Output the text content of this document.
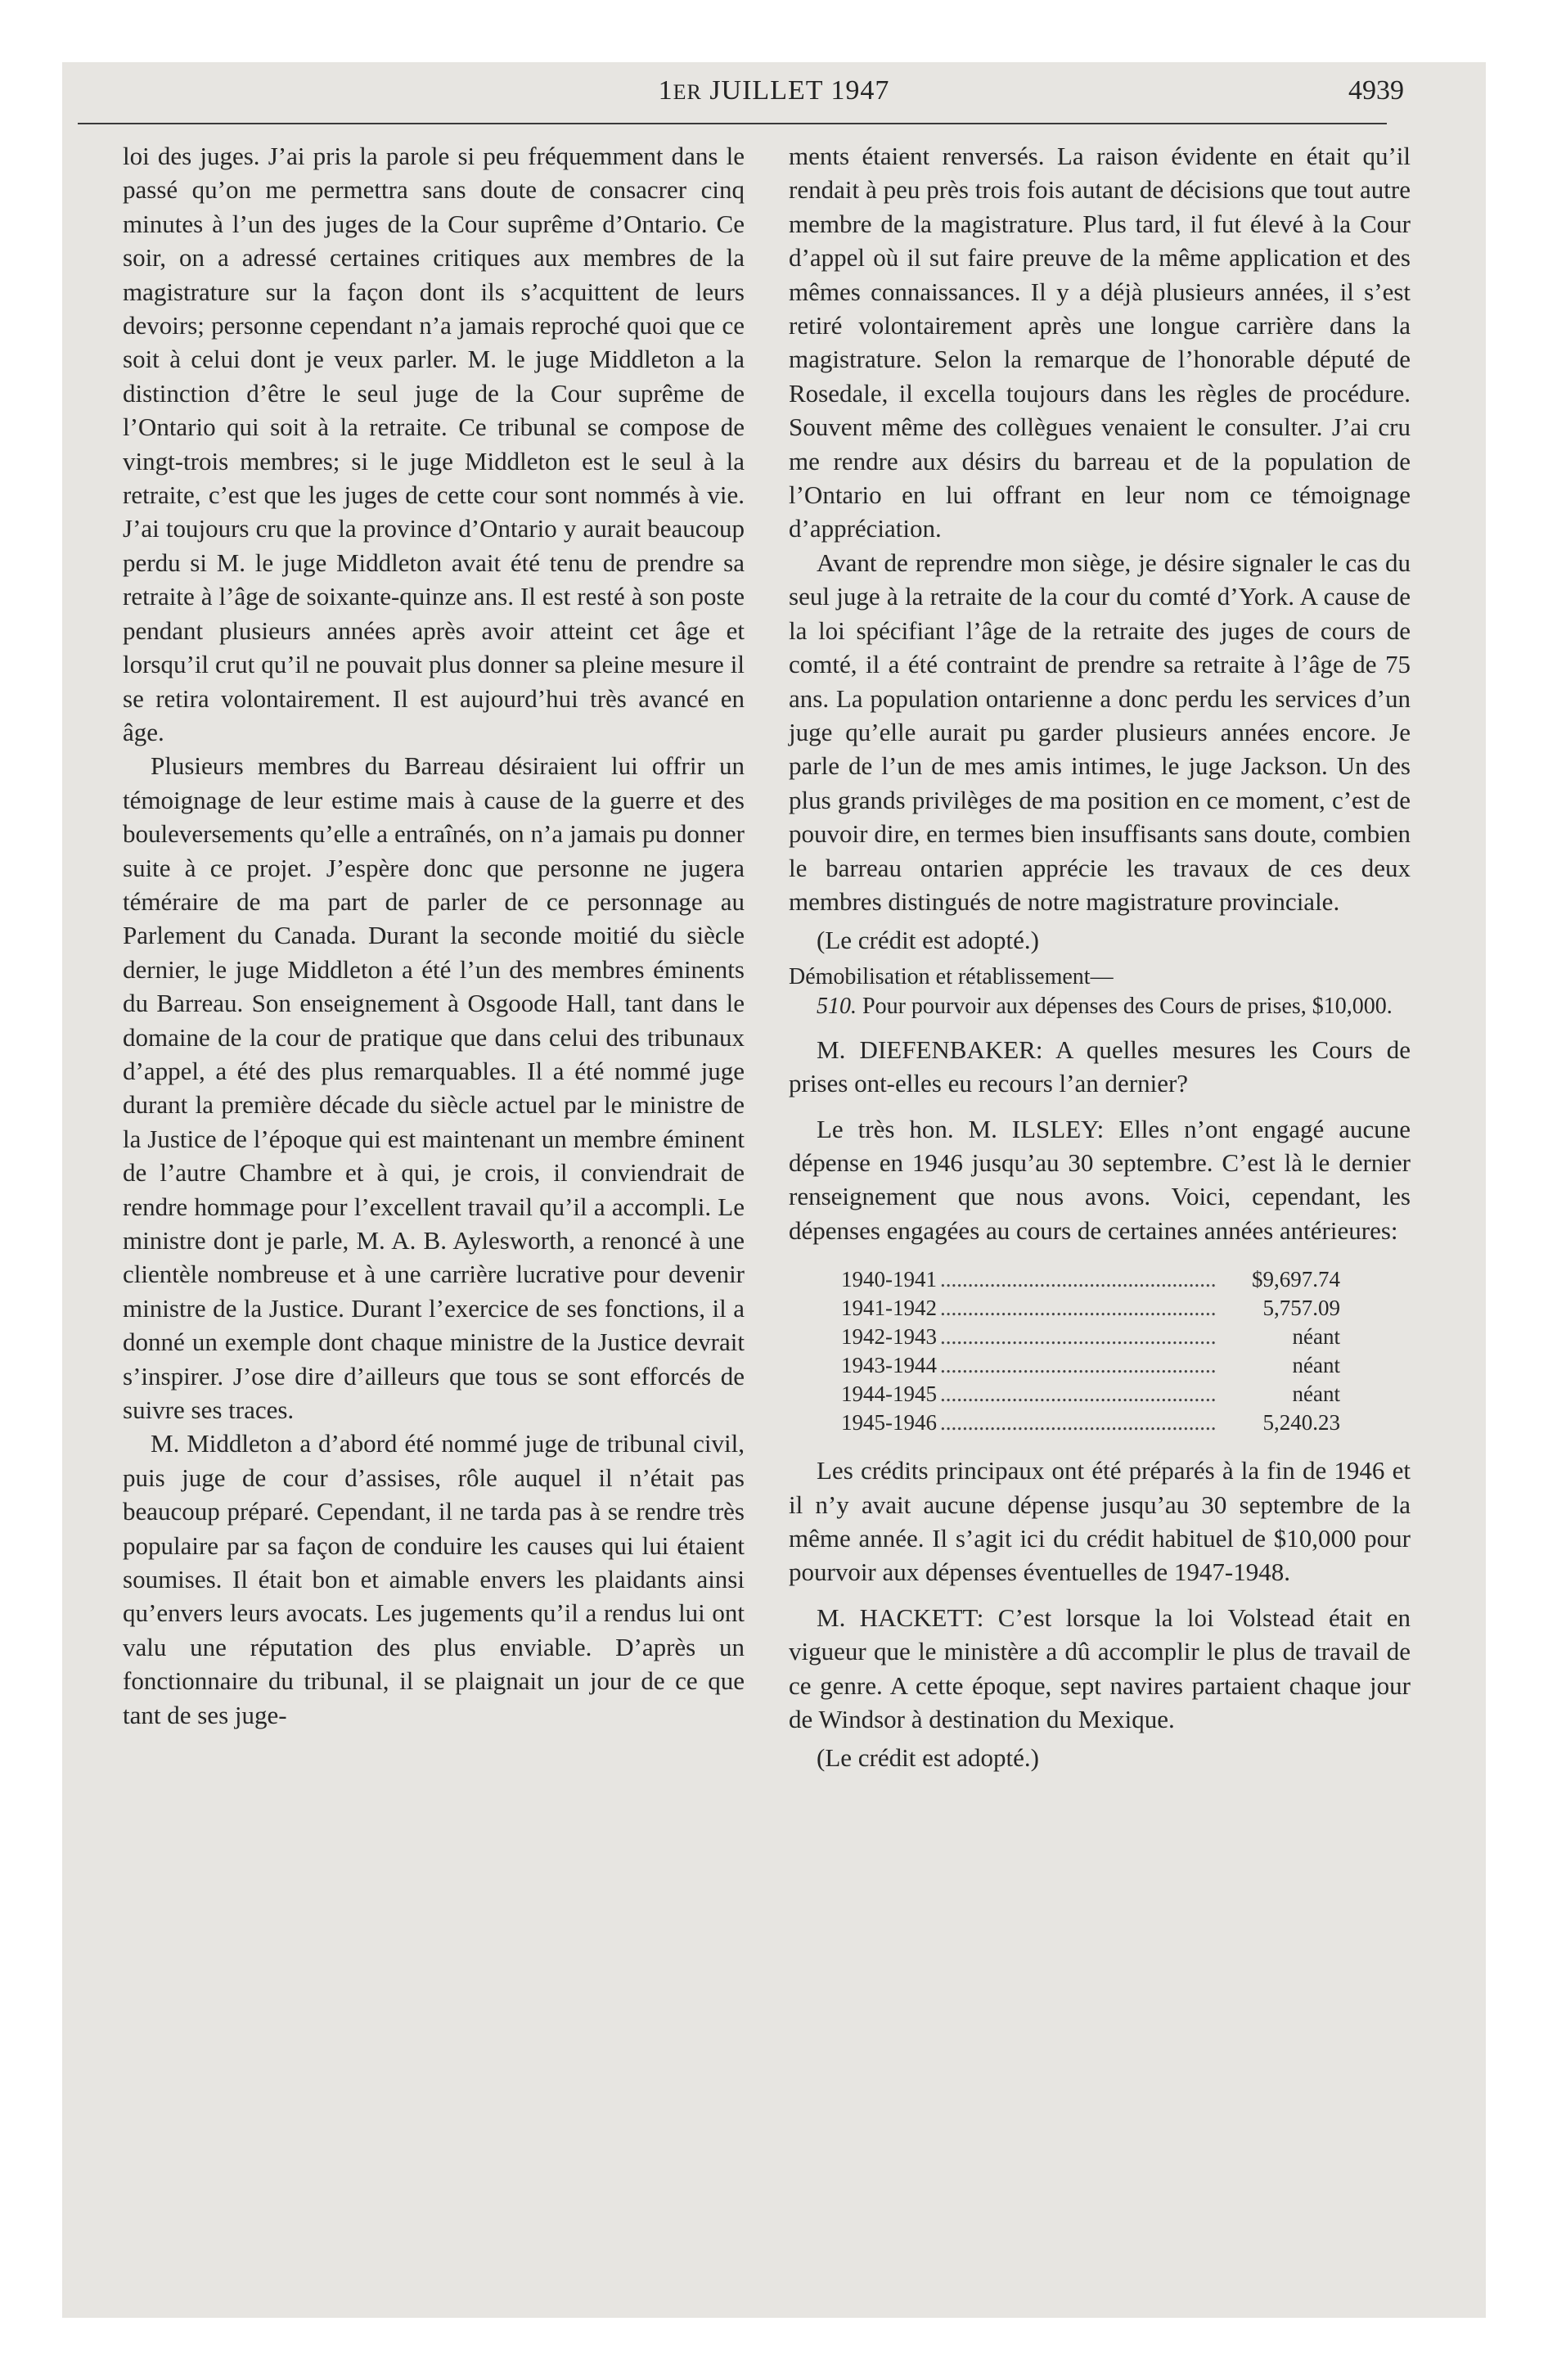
1ER JUILLET 1947	4939

loi des juges. J’ai pris la parole si peu fréquemment dans le passé qu’on me permettra sans doute de consacrer cinq minutes à l’un des juges de la Cour suprême d’Ontario. Ce soir, on a adressé certaines critiques aux membres de la magistrature sur la façon dont ils s’acquittent de leurs devoirs; personne cependant n’a jamais reproché quoi que ce soit à celui dont je veux parler. M. le juge Middleton a la distinction d’être le seul juge de la Cour suprême de l’Ontario qui soit à la retraite. Ce tribunal se compose de vingt-trois membres; si le juge Middleton est le seul à la retraite, c’est que les juges de cette cour sont nommés à vie. J’ai toujours cru que la province d’Ontario y aurait beaucoup perdu si M. le juge Middleton avait été tenu de prendre sa retraite à l’âge de soixante-quinze ans. Il est resté à son poste pendant plusieurs années après avoir atteint cet âge et lorsqu’il crut qu’il ne pouvait plus donner sa pleine mesure il se retira volontairement. Il est aujourd’hui très avancé en âge.

Plusieurs membres du Barreau désiraient lui offrir un témoignage de leur estime mais à cause de la guerre et des bouleversements qu’elle a entraînés, on n’a jamais pu donner suite à ce projet. J’espère donc que personne ne jugera téméraire de ma part de parler de ce personnage au Parlement du Canada. Durant la seconde moitié du siècle dernier, le juge Middleton a été l’un des membres éminents du Barreau. Son enseignement à Osgoode Hall, tant dans le domaine de la cour de pratique que dans celui des tribunaux d’appel, a été des plus remarquables. Il a été nommé juge durant la première décade du siècle actuel par le ministre de la Justice de l’époque qui est maintenant un membre éminent de l’autre Chambre et à qui, je crois, il conviendrait de rendre hommage pour l’excellent travail qu’il a accompli. Le ministre dont je parle, M. A. B. Aylesworth, a renoncé à une clientèle nombreuse et à une carrière lucrative pour devenir ministre de la Justice. Durant l’exercice de ses fonctions, il a donné un exemple dont chaque ministre de la Justice devrait s’inspirer. J’ose dire d’ailleurs que tous se sont efforcés de suivre ses traces.

M. Middleton a d’abord été nommé juge de tribunal civil, puis juge de cour d’assises, rôle auquel il n’était pas beaucoup préparé. Cependant, il ne tarda pas à se rendre très populaire par sa façon de conduire les causes qui lui étaient soumises. Il était bon et aimable envers les plaidants ainsi qu’envers leurs avocats. Les jugements qu’il a rendus lui ont valu une réputation des plus enviable. D’après un fonctionnaire du tribunal, il se plaignait un jour de ce que tant de ses juge-

ments étaient renversés. La raison évidente en était qu’il rendait à peu près trois fois autant de décisions que tout autre membre de la magistrature. Plus tard, il fut élevé à la Cour d’appel où il sut faire preuve de la même application et des mêmes connaissances. Il y a déjà plusieurs années, il s’est retiré volontairement après une longue carrière dans la magistrature. Selon la remarque de l’honorable député de Rosedale, il excella toujours dans les règles de procédure. Souvent même des collègues venaient le consulter. J’ai cru me rendre aux désirs du barreau et de la population de l’Ontario en lui offrant en leur nom ce témoignage d’appréciation.

Avant de reprendre mon siège, je désire signaler le cas du seul juge à la retraite de la cour du comté d’York. A cause de la loi spécifiant l’âge de la retraite des juges de cours de comté, il a été contraint de prendre sa retraite à l’âge de 75 ans. La population ontarienne a donc perdu les services d’un juge qu’elle aurait pu garder plusieurs années encore. Je parle de l’un de mes amis intimes, le juge Jackson. Un des plus grands privilèges de ma position en ce moment, c’est de pouvoir dire, en termes bien insuffisants sans doute, combien le barreau ontarien apprécie les travaux de ces deux membres distingués de notre magistrature provinciale.

(Le crédit est adopté.)

Démobilisation et rétablissement—

510. Pour pourvoir aux dépenses des Cours de prises, $10,000.

M. DIEFENBAKER: A quelles mesures les Cours de prises ont-elles eu recours l’an dernier?

Le très hon. M. ILSLEY: Elles n’ont engagé aucune dépense en 1946 jusqu’au 30 septembre. C’est là le dernier renseignement que nous avons. Voici, cependant, les dépenses engagées au cours de certaines années antérieures:

1940-1941 ..................................................	$9,697.74
1941-1942 ..................................................	5,757.09
1942-1943 ..................................................	néant
1943-1944 ..................................................	néant
1944-1945 ..................................................	néant
1945-1946 ..................................................	5,240.23

Les crédits principaux ont été préparés à la fin de 1946 et il n’y avait aucune dépense jusqu’au 30 septembre de la même année. Il s’agit ici du crédit habituel de $10,000 pour pourvoir aux dépenses éventuelles de 1947-1948.

M. HACKETT: C’est lorsque la loi Volstead était en vigueur que le ministère a dû accomplir le plus de travail de ce genre. A cette époque, sept navires partaient chaque jour de Windsor à destination du Mexique.

(Le crédit est adopté.)
